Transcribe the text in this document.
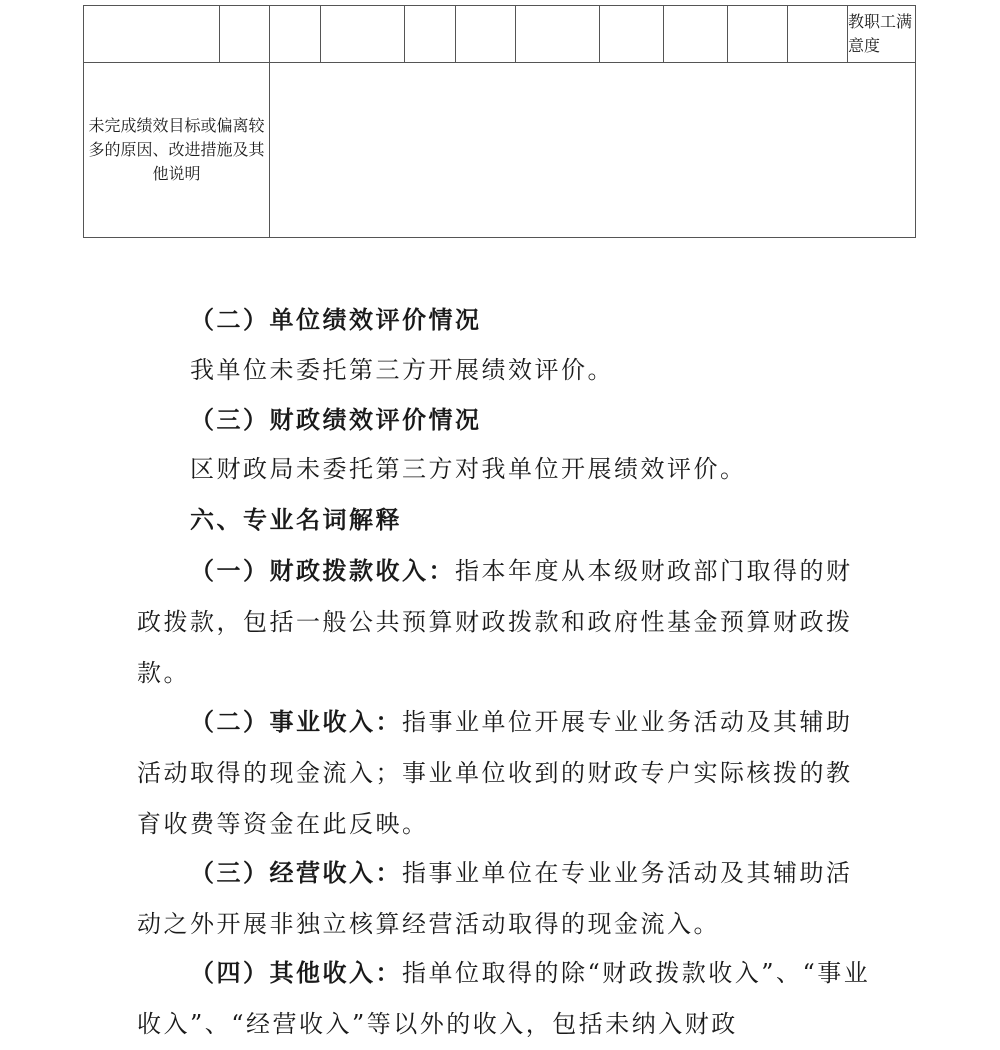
											教职工满意度
未完成绩效目标或偏离较多的原因、改进措施及其他说明											

（二）单位绩效评价情况

我单位未委托第三方开展绩效评价。

（三）财政绩效评价情况

区财政局未委托第三方对我单位开展绩效评价。

六、专业名词解释

（一）财政拨款收入：指本年度从本级财政部门取得的财政拨款，包括一般公共预算财政拨款和政府性基金预算财政拨款。

（二）事业收入：指事业单位开展专业业务活动及其辅助活动取得的现金流入；事业单位收到的财政专户实际核拨的教育收费等资金在此反映。

（三）经营收入：指事业单位在专业业务活动及其辅助活动之外开展非独立核算经营活动取得的现金流入。

（四）其他收入：指单位取得的除“财政拨款收入”、“事业收入”、“经营收入”等以外的收入，包括未纳入财政
